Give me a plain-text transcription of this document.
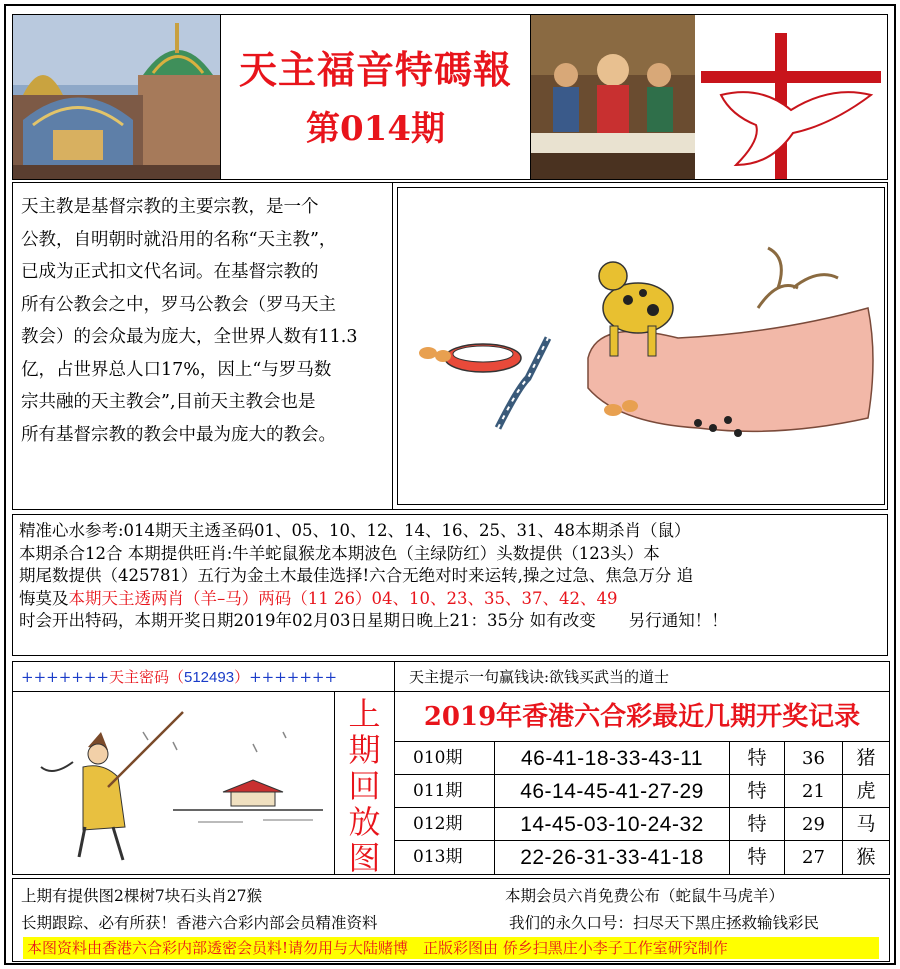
天主福音特碼報
第014期

天主教是基督宗教的主要宗教，是一个

公教，自明朝时就沿用的名称“天主教”，

已成为正式扣文代名词。在基督宗教的

所有公教会之中，罗马公教会（罗马天主

教会）的会众最为庞大，全世界人数有11.3

亿，占世界总人口17%，因上“与罗马数

宗共融的天主教会”,目前天主教会也是

所有基督宗教的教会中最为庞大的教会。

精准心水参考:014期天主透圣码01、05、10、12、14、16、25、31、48本期杀肖（鼠）

本期杀合12合 本期提供旺肖:牛羊蛇鼠猴龙本期波色（主绿防红）头数提供（123头）本

期尾数提供（425781）五行为金土木最佳选择!六合无绝对时来运转,操之过急、焦急万分 追

悔莫及本期天主透两肖（羊–马）两码（11 26）04、10、23、35、37、42、49

时会开出特码，本期开奖日期2019年02月03日星期日晚上21：35分 如有改变　　另行通知！！

+++++++天主密码（512493）+++++++	天主提示一句赢钱诀:欲钱买武当的道士
上
期
回
放
图
2019年香港六合彩最近几期开奖记录
010期	46-41-18-33-43-11	特	36	猪
011期	46-14-45-41-27-29	特	21	虎
012期	14-45-03-10-24-32	特	29	马
013期	22-26-31-33-41-18	特	27	猴
上期有提供图2棵树7块石头肖27猴	本期会员六肖免费公布（蛇鼠牛马虎羊）
长期跟踪、必有所获！香港六合彩内部会员精准资料	我们的永久口号：扫尽天下黑庄拯救输钱彩民
本图资料由香港六合彩内部透密会员料!请勿用与大陆赌博　正版彩图由 侨乡扫黑庄小李子工作室研究制作
